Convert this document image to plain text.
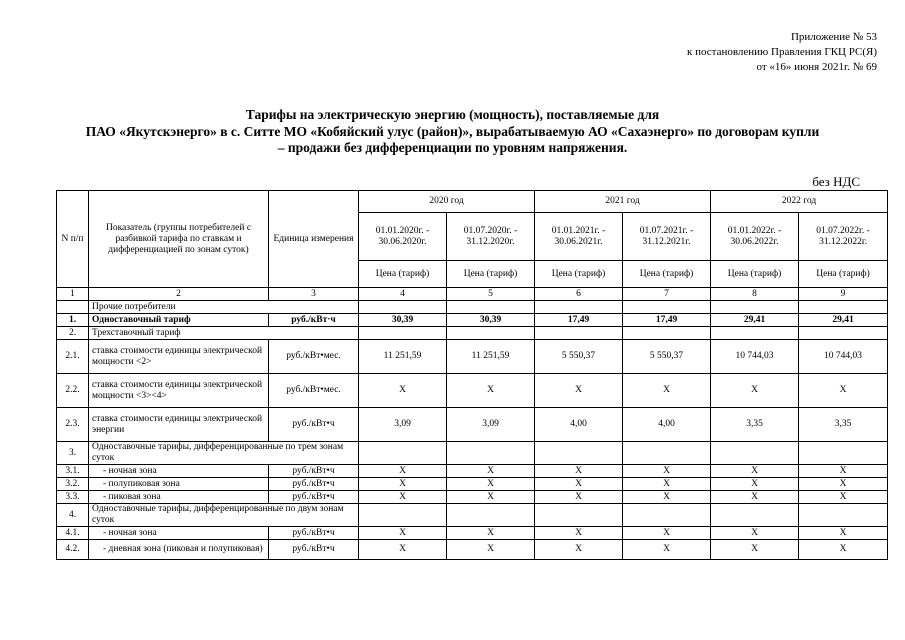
Приложение № 53
к постановлению Правления ГКЦ РС(Я)
от «16» июня 2021г. № 69
Тарифы на электрическую энергию (мощность), поставляемые для
ПАО «Якутскэнерго» в с. Ситте МО «Кобяйский улус (район)», вырабатываемую АО «Сахаэнерго» по договорам купли
– продажи без дифференциации по уровням напряжения.
без НДС
N п/п	Показатель (группы потребителей с разбивкой тарифа по ставкам и дифференциацией по зонам суток)	Единица измерения	2020 год		2021 год		2022 год	
			01.01.2020г. - 30.06.2020г.	01.07.2020г. - 31.12.2020г.	01.01.2021г. - 30.06.2021г.	01.07.2021г. - 31.12.2021г.	01.01.2022г. - 30.06.2022г.	01.07.2022г. - 31.12.2022г.
			Цена (тариф)	Цена (тариф)	Цена (тариф)	Цена (тариф)	Цена (тариф)	Цена (тариф)
1	2	3	4	5	6	7	8	9
	Прочие потребители							
1.	Одноставочный тариф	руб./кВт·ч	30,39	30,39	17,49	17,49	29,41	29,41
2.	Трехставочный тариф							
2.1.	ставка стоимости единицы электрической мощности <2>	руб./кВт•мес.	11 251,59	11 251,59	5 550,37	5 550,37	10 744,03	10 744,03
2.2.	ставка стоимости единицы электрической мощности <3><4>	руб./кВт•мес.	X	X	X	X	X	X
2.3.	ставка стоимости единицы электрической энергии	руб./кВт•ч	3,09	3,09	4,00	4,00	3,35	3,35
3.	Одноставочные тарифы, дифференцированные по трем зонам суток							
3.1.	- ночная зона	руб./кВт•ч	X	X	X	X	X	X
3.2.	- полупиковая зона	руб./кВт•ч	X	X	X	X	X	X
3.3.	- пиковая зона	руб./кВт•ч	X	X	X	X	X	X
4.	Одноставочные тарифы, дифференцированные по двум зонам суток							
4.1.	- ночная зона	руб./кВт•ч	X	X	X	X	X	X
4.2.	- дневная зона (пиковая и полупиковая)	руб./кВт•ч	X	X	X	X	X	X
